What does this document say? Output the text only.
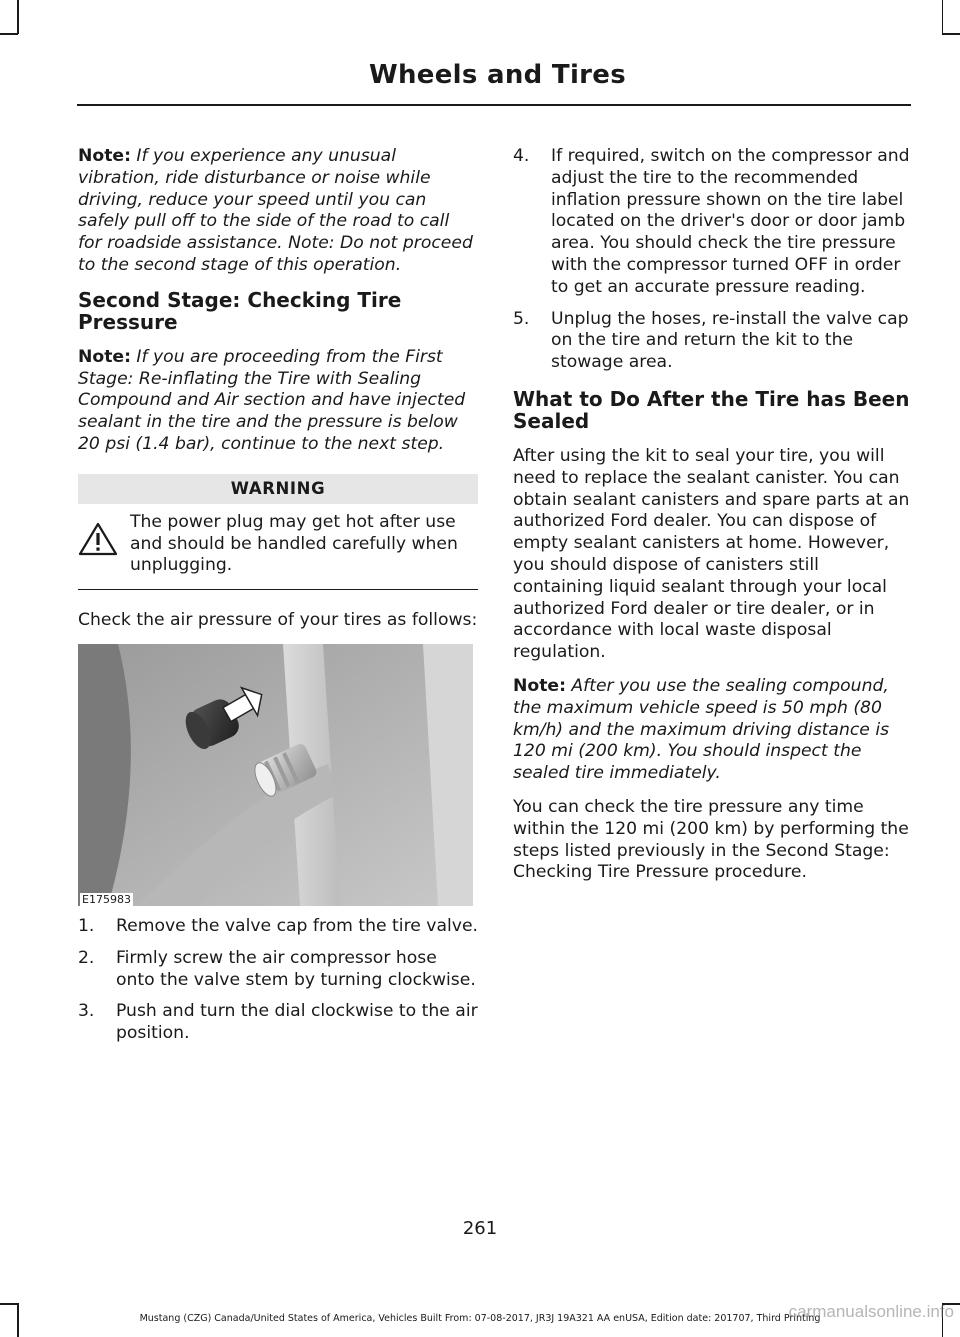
Wheels and Tires

Note: If you experience any unusual vibration, ride disturbance or noise while driving, reduce your speed until you can safely pull off to the side of the road to call for roadside assistance. Note: Do not proceed to the second stage of this operation.

Second Stage: Checking Tire Pressure

Note: If you are proceeding from the First Stage: Re-inflating the Tire with Sealing Compound and Air section and have injected sealant in the tire and the pressure is below 20 psi (1.4 bar), continue to the next step.

WARNING
The power plug may get hot after use and should be handled carefully when unplugging.

Check the air pressure of your tires as follows:

E175983
1.	Remove the valve cap from the tire valve.
2.	Firmly screw the air compressor hose onto the valve stem by turning clockwise.
3.	Push and turn the dial clockwise to the air position.
4.	If required, switch on the compressor and adjust the tire to the recommended inflation pressure shown on the tire label located on the driver's door or door jamb area. You should check the tire pressure with the compressor turned OFF in order to get an accurate pressure reading.
5.	Unplug the hoses, re-install the valve cap on the tire and return the kit to the stowage area.
What to Do After the Tire has Been Sealed

After using the kit to seal your tire, you will need to replace the sealant canister. You can obtain sealant canisters and spare parts at an authorized Ford dealer. You can dispose of empty sealant canisters at home. However, you should dispose of canisters still containing liquid sealant through your local authorized Ford dealer or tire dealer, or in accordance with local waste disposal regulation.

Note: After you use the sealing compound, the maximum vehicle speed is 50 mph (80 km/h) and the maximum driving distance is 120 mi (200 km). You should inspect the sealed tire immediately.

You can check the tire pressure any time within the 120 mi (200 km) by performing the steps listed previously in the Second Stage: Checking Tire Pressure procedure.

261
Mustang (CZG) Canada/United States of America, Vehicles Built From: 07-08-2017, JR3J 19A321 AA enUSA, Edition date: 201707, Third Printing
carmanualsonline.info
